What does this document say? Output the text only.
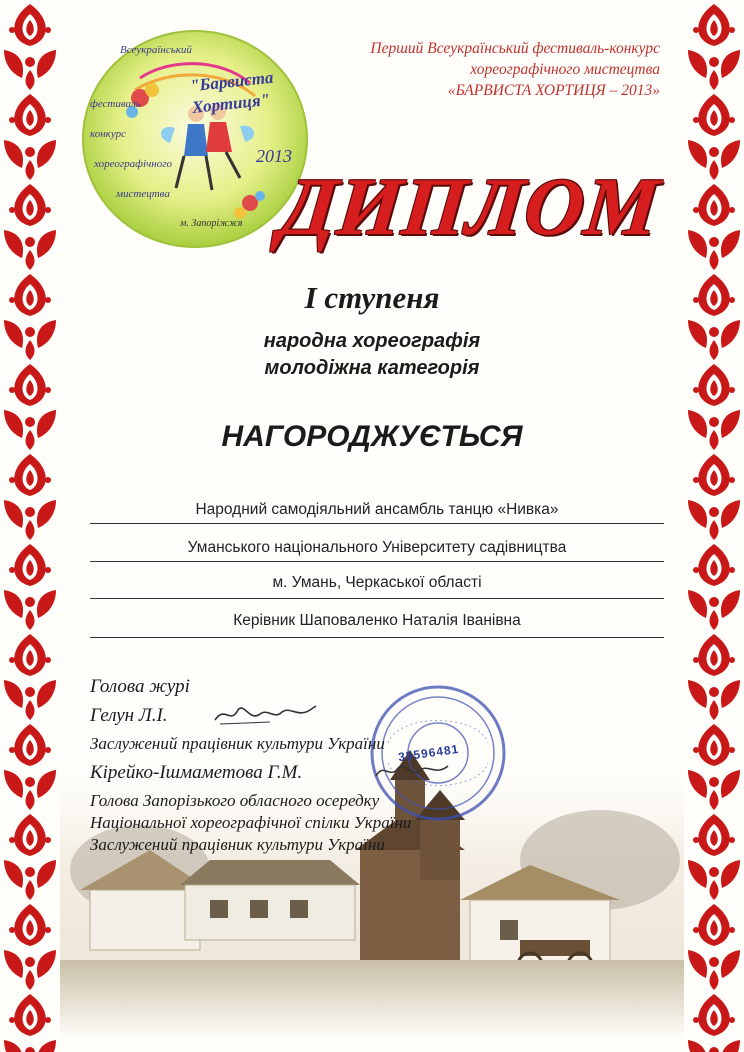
Всеукраїнський
фестиваль
конкурс
хореографічного
мистецтва
"Барвиста
Хортиця"
2013
м. Запоріжжя
Перший Всеукраїнський фестиваль-конкурс
хореографічного мистецтва
«БАРВИСТА ХОРТИЦЯ – 2013»
ДИПЛОМ
І ступеня
народна хореографія
молодіжна категорія
НАГОРОДЖУЄТЬСЯ
Народний самодіяльний ансамбль танцю «Нивка»
Уманського національного Університету садівництва
м. Умань, Черкаської області
Керівник Шаповаленко Наталія Іванівна
35596481
Голова журі
Гелун Л.І.
Заслужений працівник культури України
Кірейко-Ішмаметова Г.М.
Голова Запорізького обласного осередку
Національної хореографічної спілки України
Заслужений працівник культури України
